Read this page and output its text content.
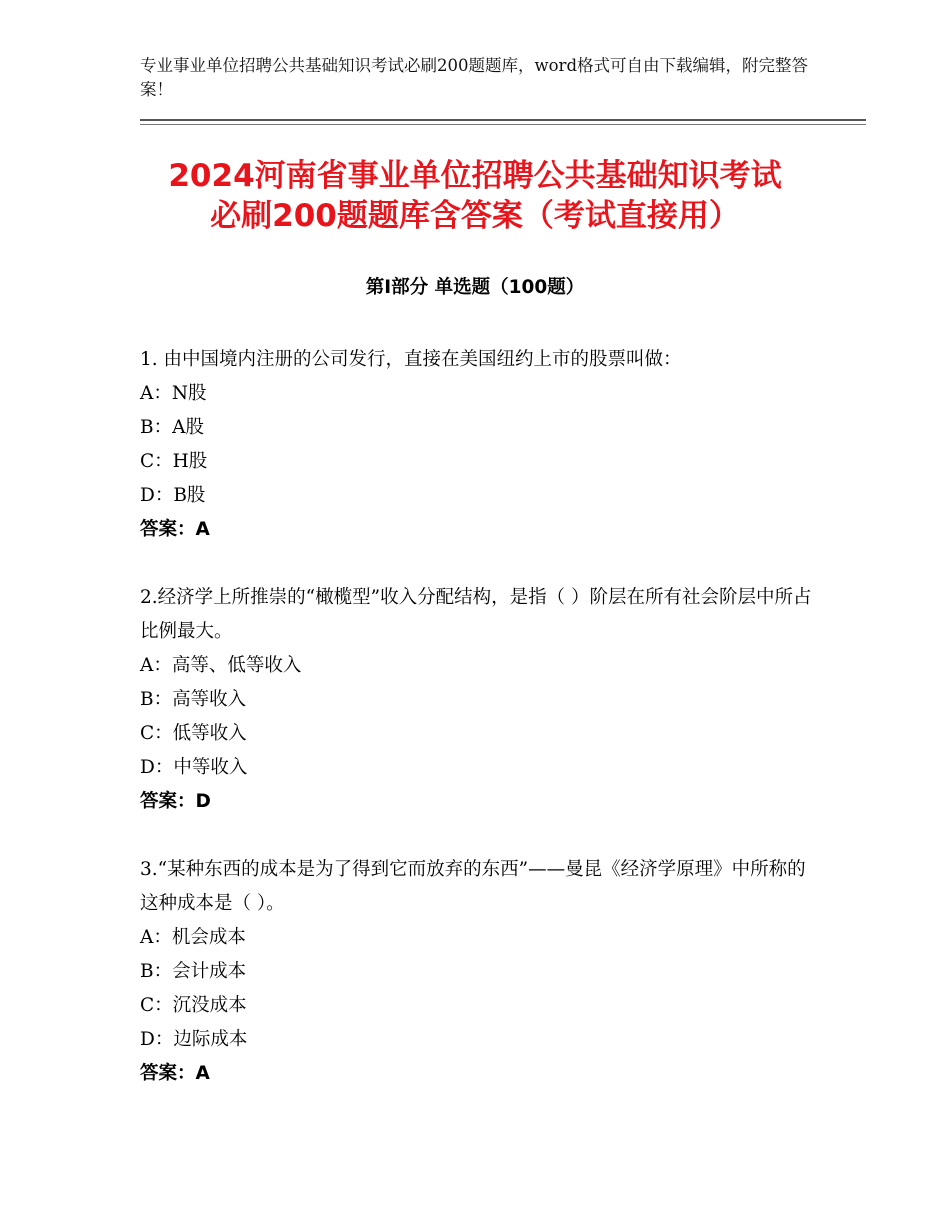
专业事业单位招聘公共基础知识考试必刷200题题库，word格式可自由下载编辑，附完整答案！
2024河南省事业单位招聘公共基础知识考试
必刷200题题库含答案（考试直接用）
第Ⅰ部分 单选题（100题）

1. 由中国境内注册的公司发行，直接在美国纽约上市的股票叫做：

A：N股

B：A股

C：H股

D：B股

答案：A

2.经济学上所推崇的“橄榄型”收入分配结构，是指（ ）阶层在所有社会阶层中所占比例最大。

A：高等、低等收入

B：高等收入

C：低等收入

D：中等收入

答案：D

3.“某种东西的成本是为了得到它而放弃的东西”——曼昆《经济学原理》中所称的这种成本是（ ）。

A：机会成本

B：会计成本

C：沉没成本

D：边际成本

答案：A
